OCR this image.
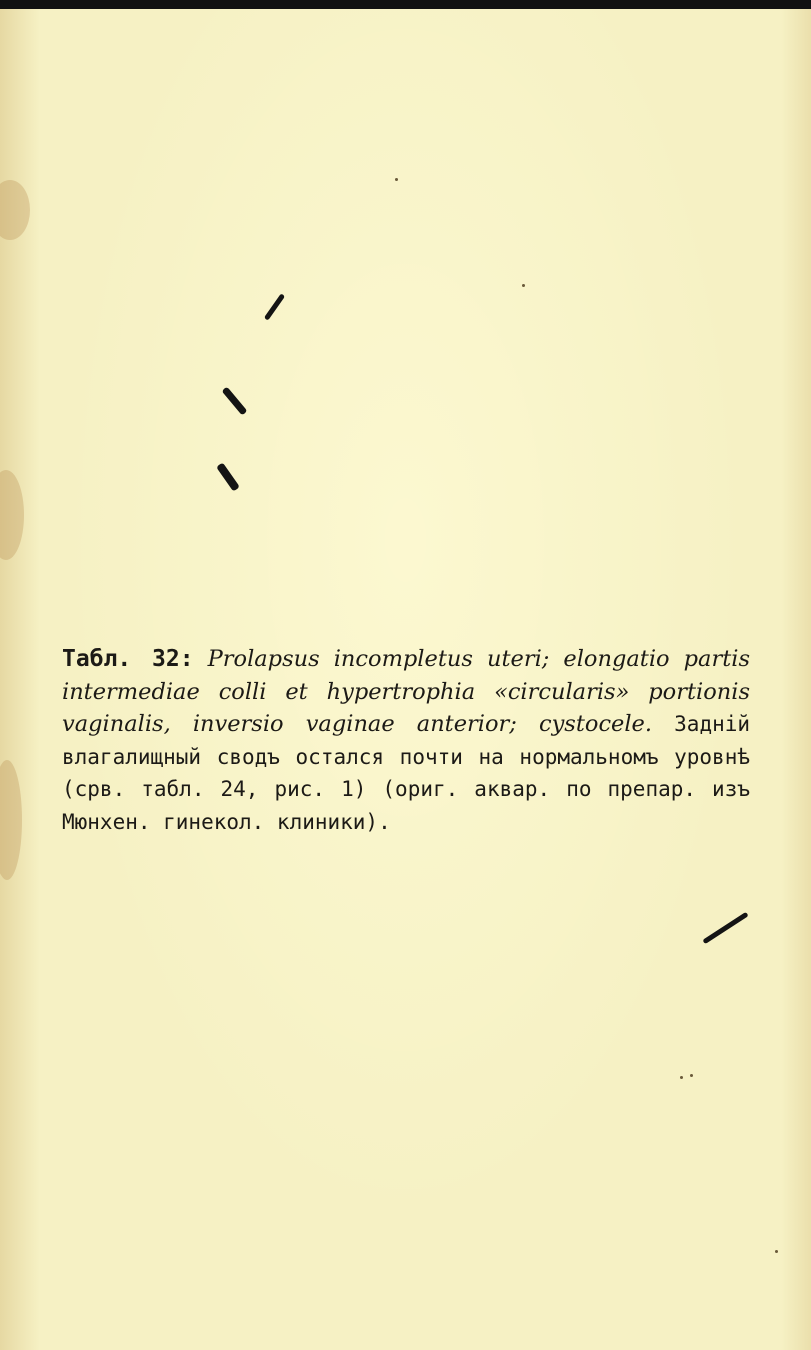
Табл. 32: Prolapsus incompletus uteri; elongatio partis intermediae colli et hypertrophia «circularis» portionis vaginalis, inversio vaginae anterior; cystocele. Заднiй влагалищный сводъ остался почти на нормальномъ уровнѣ (срв. табл. 24, рис. 1) (ориг. аквар. по препар. изъ Мюнхен. гинекол. клиники).
